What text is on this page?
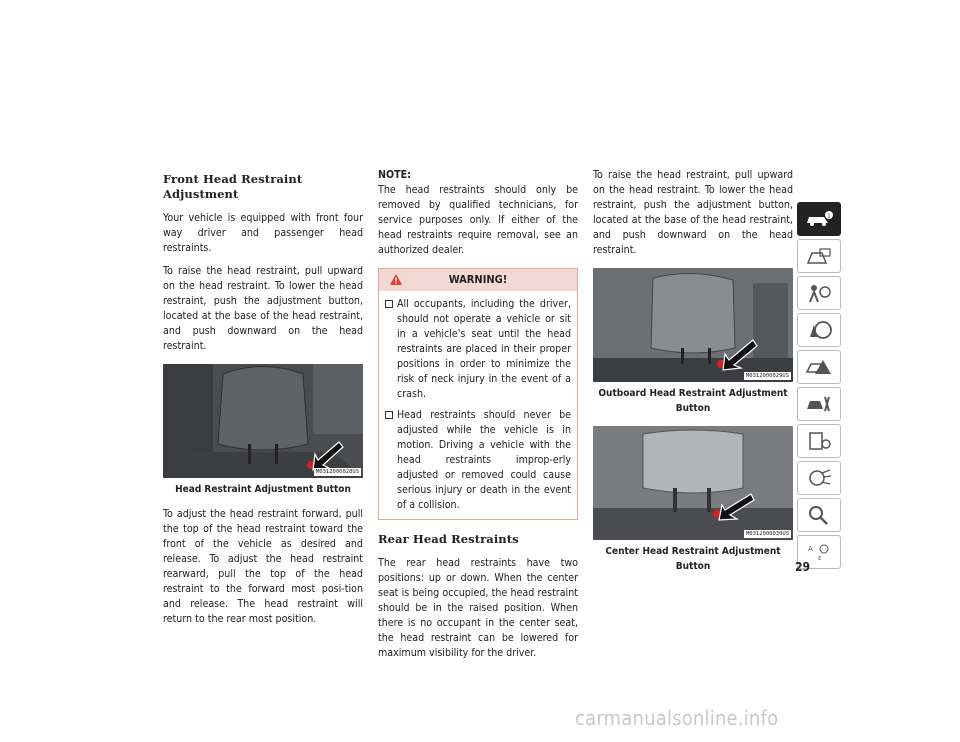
Front Head Restraint Adjustment

Your vehicle is equipped with front four way driver and passenger head restraints.

To raise the head restraint, pull upward on the head restraint. To lower the head restraint, push the adjustment button, located at the base of the head restraint, and push downward on the head restraint.

M0312000028US
Head Restraint Adjustment Button

To adjust the head restraint forward, pull the top of the head restraint toward the front of the vehicle as desired and release. To adjust the head restraint rearward, pull the top of the head restraint to the forward most posi-tion and release. The head restraint will return to the rear most position.

NOTE:

The head restraints should only be removed by qualified technicians, for service purposes only. If either of the head restraints require removal, see an authorized dealer.

WARNING!
All occupants, including the driver, should not operate a vehicle or sit in a vehicle's seat until the head restraints are placed in their proper positions in order to minimize the risk of neck injury in the event of a crash.
Head restraints should never be adjusted while the vehicle is in motion. Driving a vehicle with the head restraints improp-erly adjusted or removed could cause serious injury or death in the event of a collision.
Rear Head Restraints

The rear head restraints have two positions: up or down. When the center seat is being occupied, the head restraint should be in the raised position. When there is no occupant in the center seat, the head restraint can be lowered for maximum visibility for the driver.

To raise the head restraint, pull upward on the head restraint. To lower the head restraint, push the adjustment button, located at the base of the head restraint, and push downward on the head restraint.

M0312000029US
Outboard Head Restraint Adjustment Button
M0312000030US
Center Head Restraint Adjustment Button
i
A
ε
29
carmanualsonline.info
